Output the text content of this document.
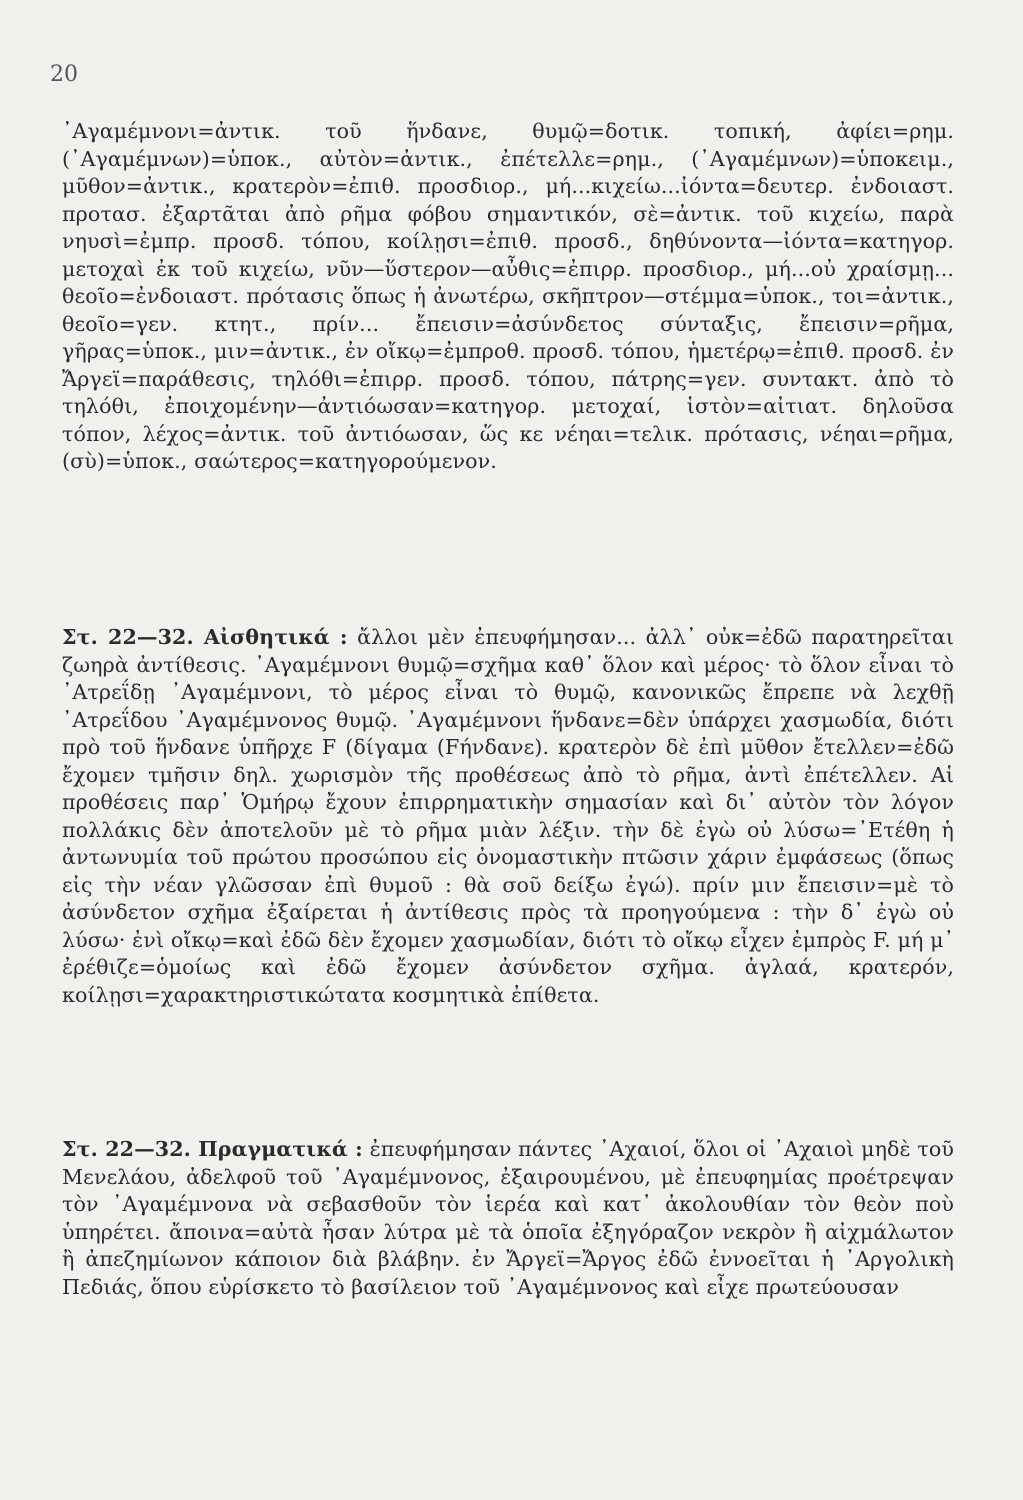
20
᾿Αγαμέμνονι=ἀντικ. τοῦ ἥνδανε, θυμῷ=δοτικ. τοπική, ἀφίει=ρημ. (᾿Αγαμέμνων)=ὑποκ., αὐτὸν=ἀντικ., ἐπέτελλε=ρημ., (᾿Αγαμέμνων)=ὑποκειμ., μῦθον=ἀντικ., κρατερὸν=ἐπιθ. προσδιορ., μή...κιχείω...ἰόντα=δευτερ. ἐνδοιαστ. προτασ. ἐξαρτᾶται ἀπὸ ρῆμα φόβου σημαντικόν, σὲ=ἀντικ. τοῦ κιχείω, παρὰ νηυσὶ=ἐμπρ. προσδ. τόπου, κοίλῃσι=ἐπιθ. προσδ., δηθύνοντα—ἰόντα=κατηγορ. μετοχαὶ ἐκ τοῦ κιχείω, νῦν—ὕστερον—αὖθις=ἐπιρρ. προσδιορ., μή...οὐ χραίσμῃ... θεοῖο=ἐνδοιαστ. πρότασις ὅπως ἡ ἀνωτέρω, σκῆπτρον—στέμμα=ὑποκ., τοι=ἀντικ., θεοῖο=γεν. κτητ., πρίν... ἔπεισιν=ἀσύνδετος σύνταξις, ἔπεισιν=ρῆμα, γῆρας=ὑποκ., μιν=ἀντικ., ἐν οἴκῳ=ἐμπροθ. προσδ. τόπου, ἡμετέρῳ=ἐπιθ. προσδ. ἐν Ἄργεϊ=παράθεσις, τηλόθι=ἐπιρρ. προσδ. τόπου, πάτρης=γεν. συντακτ. ἀπὸ τὸ τηλόθι, ἐποιχομένην—ἀντιόωσαν=κατηγορ. μετοχαί, ἱστὸν=αἰτιατ. δηλοῦσα τόπον, λέχος=ἀντικ. τοῦ ἀντιόωσαν, ὥς κε νέηαι=τελικ. πρότασις, νέηαι=ρῆμα, (σὺ)=ὑποκ., σαώτερος=κατηγορούμενον.
Στ. 22—32. Αἰσθητικά : ἄλλοι μὲν ἐπευφήμησαν... ἀλλ᾿ οὐκ=ἐδῶ παρατηρεῖται ζωηρὰ ἀντίθεσις. ᾿Αγαμέμνονι θυμῷ=σχῆμα καθ᾿ ὅλον καὶ μέρος· τὸ ὅλον εἶναι τὸ ᾿Ατρεΐδῃ ᾿Αγαμέμνονι, τὸ μέρος εἶναι τὸ θυμῷ, κανονικῶς ἔπρεπε νὰ λεχθῇ ᾿Ατρεΐδου ᾿Αγαμέμνονος θυμῷ. ᾿Αγαμέμνονι ἥνδανε=δὲν ὑπάρχει χασμωδία, διότι πρὸ τοῦ ἥνδανε ὑπῆρχε F (δίγαμα (Fήνδανε). κρατερὸν δὲ ἐπὶ μῦθον ἔτελλεν=ἐδῶ ἔχομεν τμῆσιν δηλ. χωρισμὸν τῆς προθέσεως ἀπὸ τὸ ρῆμα, ἀντὶ ἐπέτελλεν. Αἱ προθέσεις παρ᾿ Ὁμήρῳ ἔχουν ἐπιρρηματικὴν σημασίαν καὶ δι᾿ αὐτὸν τὸν λόγον πολλάκις δὲν ἀποτελοῦν μὲ τὸ ρῆμα μιὰν λέξιν. τὴν δὲ ἐγὼ οὐ λύσω=᾿Ετέθη ἡ ἀντωνυμία τοῦ πρώτου προσώπου εἰς ὀνομαστικὴν πτῶσιν χάριν ἐμφάσεως (ὅπως εἰς τὴν νέαν γλῶσσαν ἐπὶ θυμοῦ : θὰ σοῦ δείξω ἐγώ). πρίν μιν ἔπεισιν=μὲ τὸ ἀσύνδετον σχῆμα ἐξαίρεται ἡ ἀντίθεσις πρὸς τὰ προηγούμενα : τὴν δ᾿ ἐγὼ οὐ λύσω· ἐνὶ οἴκῳ=καὶ ἐδῶ δὲν ἔχομεν χασμωδίαν, διότι τὸ οἴκῳ εἶχεν ἐμπρὸς F. μή μ᾿ ἐρέθιζε=ὁμοίως καὶ ἐδῶ ἔχομεν ἀσύνδετον σχῆμα. ἀγλαά, κρατερόν, κοίλῃσι=χαρακτηριστικώτατα κοσμητικὰ ἐπίθετα.
Στ. 22—32. Πραγματικά : ἐπευφήμησαν πάντες ᾿Αχαιοί, ὅλοι οἱ ᾿Αχαιοὶ μηδὲ τοῦ Μενελάου, ἀδελφοῦ τοῦ ᾿Αγαμέμνονος, ἐξαιρουμένου, μὲ ἐπευφημίας προέτρεψαν τὸν ᾿Αγαμέμνονα νὰ σεβασθοῦν τὸν ἱερέα καὶ κατ᾿ ἀκολουθίαν τὸν θεὸν ποὺ ὑπηρέτει. ἄποινα=αὐτὰ ἦσαν λύτρα μὲ τὰ ὁποῖα ἐξηγόραζον νεκρὸν ἢ αἰχμάλωτον ἢ ἀπεζημίωνον κάποιον διὰ βλάβην. ἐν Ἄργεϊ=Ἄργος ἐδῶ ἐννοεῖται ἡ ᾿Αργολικὴ Πεδιάς, ὅπου εὑρίσκετο τὸ βασίλειον τοῦ ᾿Αγαμέμνονος καὶ εἶχε πρωτεύουσαν
